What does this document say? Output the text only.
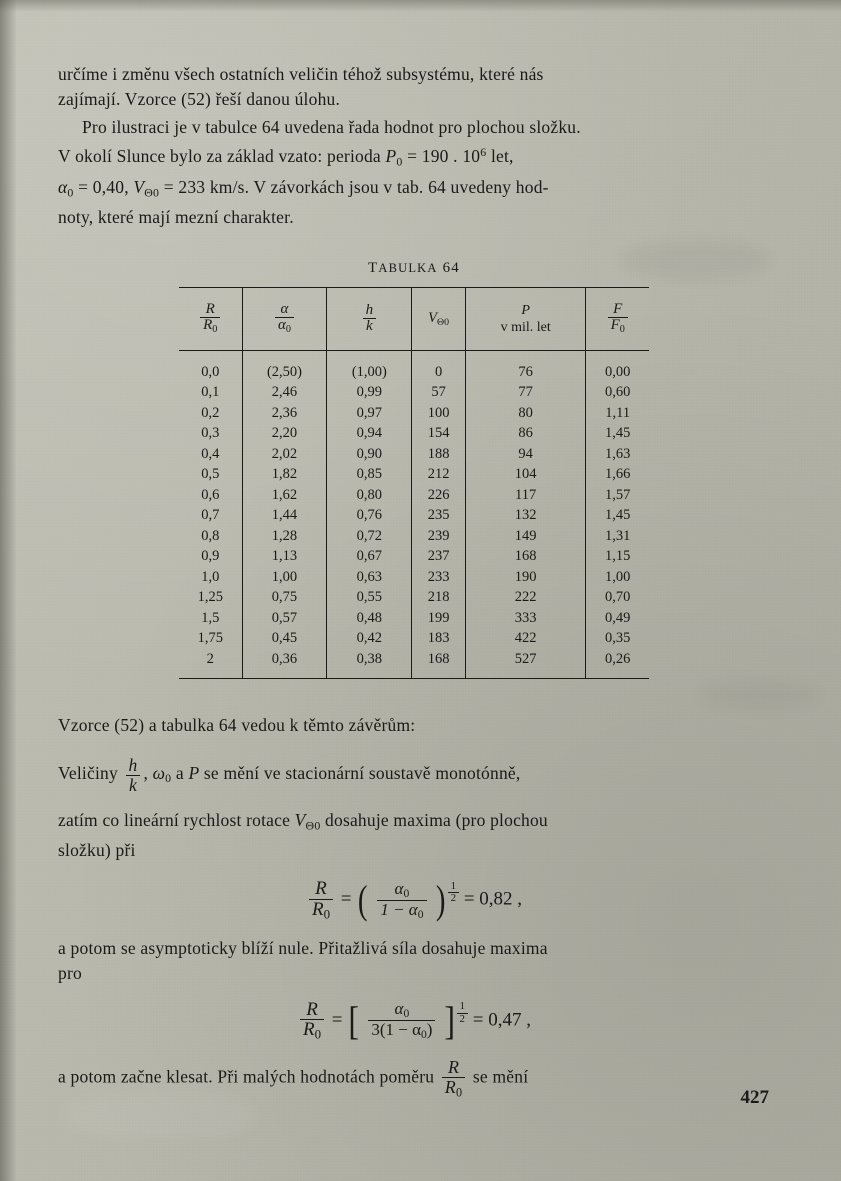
určíme i změnu všech ostatních veličin téhož subsystému, které nás

zajímají. Vzorce (52) řeší danou úlohu.

Pro ilustraci je v tabulce 64 uvedena řada hodnot pro plochou složku.

V okolí Slunce bylo za základ vzato: perioda $P_0 = 190$ . $10^6$ let,

$\alpha_0 = 0,40$, $V_{\Theta 0} = 233$ km/s. V závorkách jsou v tab. 64 uvedeny hod-

noty, které mají mezní charakter.

TABULKA 64
$\frac{R}{R_0}$	$\frac{\alpha}{\alpha_0}$	$\frac{h}{k}$	$V_{\Theta 0}$	
P
v mil. let	$\frac{F}{F_0}$

0,0	(2,50)	(1,00)	0	76	0,00
0,1	2,46	0,99	57	77	0,60
0,2	2,36	0,97	100	80	1,11
0,3	2,20	0,94	154	86	1,45
0,4	2,02	0,90	188	94	1,63
0,5	1,82	0,85	212	104	1,66
0,6	1,62	0,80	226	117	1,57
0,7	1,44	0,76	235	132	1,45
0,8	1,28	0,72	239	149	1,31
0,9	1,13	0,67	237	168	1,15
1,0	1,00	0,63	233	190	1,00
1,25	0,75	0,55	218	222	0,70
1,5	0,57	0,48	199	333	0,49
1,75	0,45	0,42	183	422	0,35
2	0,36	0,38	168	527	0,26

Vzorce (52) a tabulka 64 vedou k těmto závěrům:

Veličiny $\frac{h}{k}$ , $\omega_0$ a P se mění ve stacionární soustavě monotónně,

zatím co lineární rychlost rotace $V_{\Theta 0}$ dosahuje maxima (pro plochou

složku) při

$\frac{R}{R_0}$ = ( $\frac{\alpha_0}{1 - \alpha_0}$ ) $\frac{1}{2} = 0,82$ ,

a potom se asymptoticky blíží nule. Přitažlivá síla dosahuje maxima

pro

$\frac{R}{R_0}$ = [ $\frac{\alpha_0}{3(1 - \alpha_0)}$ ] $\frac{1}{2} = 0,47$ ,

a potom začne klesat. Při malých hodnotách poměru $\frac{R}{R_0}$ se mění

427
